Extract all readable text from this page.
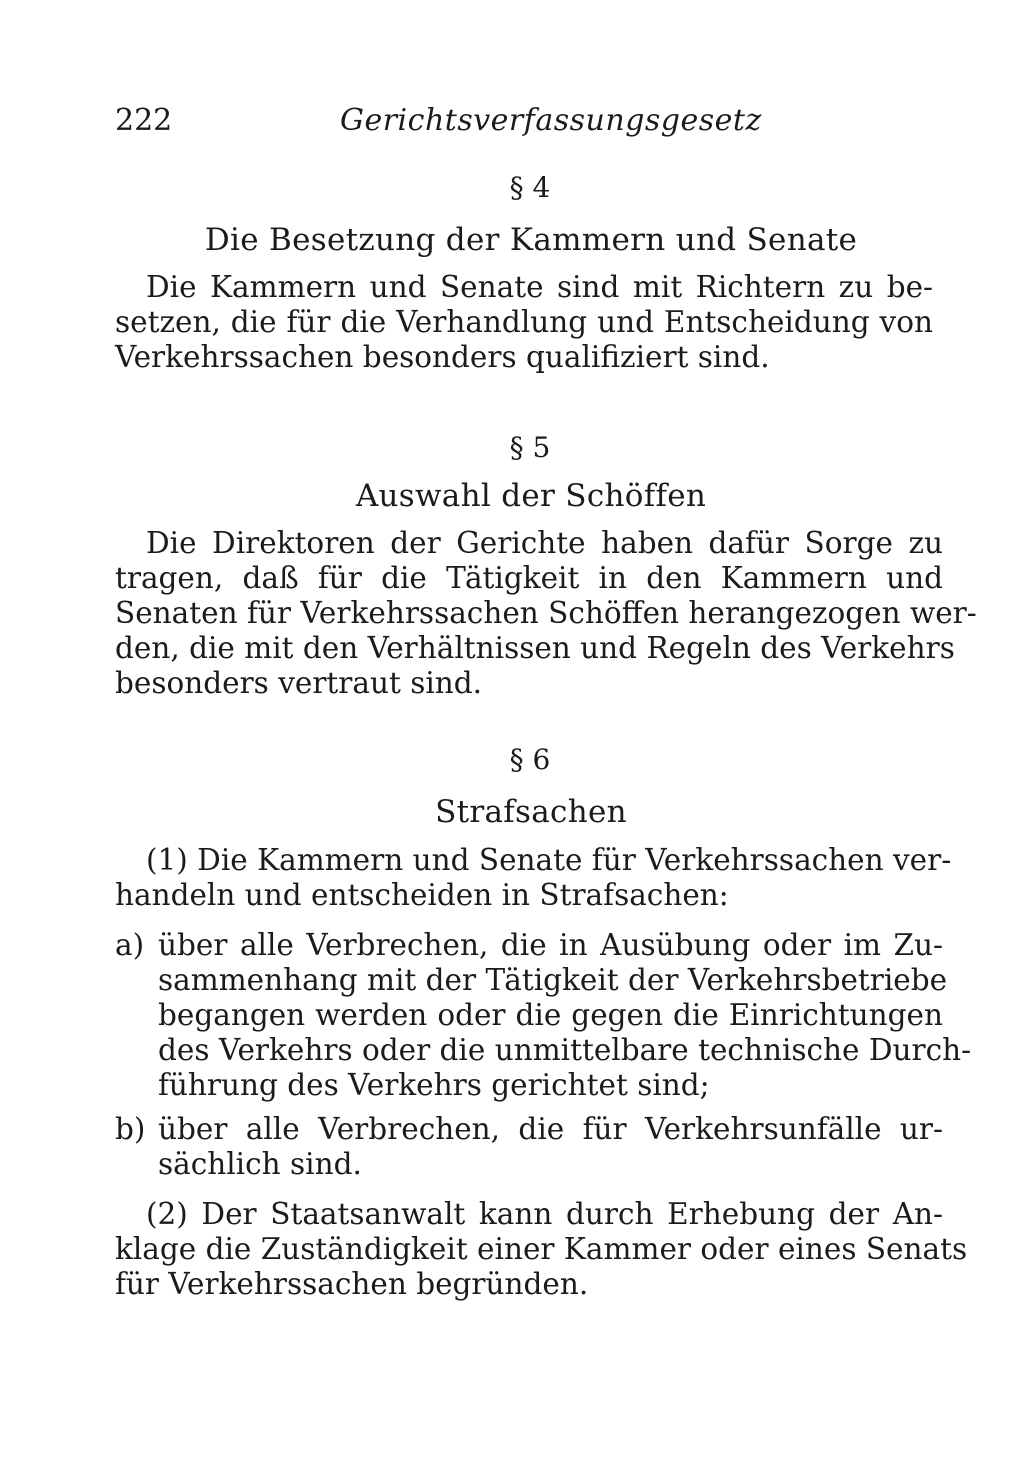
222	Gerichtsverfassungsgesetz
§ 4
Die Besetzung der Kammern und Senate
Die Kammern und Senate sind mit Richtern zu be-
setzen, die für die Verhandlung und Entscheidung von
Verkehrssachen besonders qualifiziert sind.
§ 5
Auswahl der Schöffen
Die Direktoren der Gerichte haben dafür Sorge zu
tragen, daß für die Tätigkeit in den Kammern und
Senaten für Verkehrssachen Schöffen herangezogen wer-
den, die mit den Verhältnissen und Regeln des Verkehrs
besonders vertraut sind.
§ 6
Strafsachen
(1) Die Kammern und Senate für Verkehrssachen ver-
handeln und entscheiden in Strafsachen:
a) über alle Verbrechen, die in Ausübung oder im Zu-
sammenhang mit der Tätigkeit der Verkehrsbetriebe
begangen werden oder die gegen die Einrichtungen
des Verkehrs oder die unmittelbare technische Durch-
führung des Verkehrs gerichtet sind;
b) über alle Verbrechen, die für Verkehrsunfälle ur-
sächlich sind.
(2) Der Staatsanwalt kann durch Erhebung der An-
klage die Zuständigkeit einer Kammer oder eines Senats
für Verkehrssachen begründen.
